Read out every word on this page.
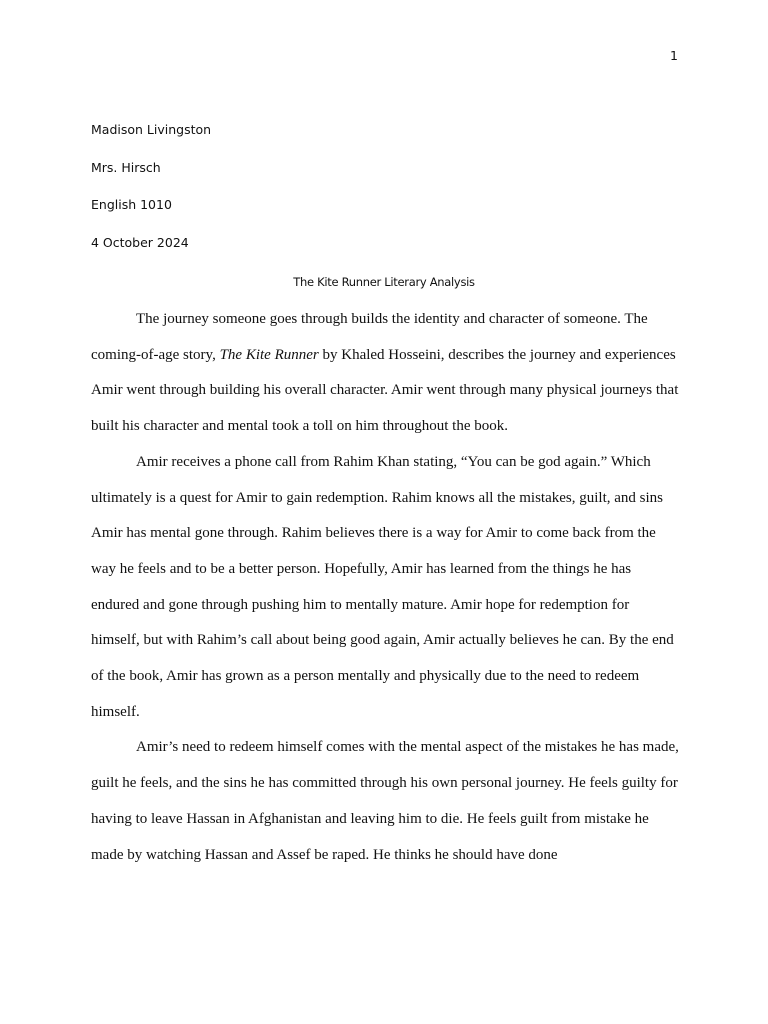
1
Madison Livingston
Mrs. Hirsch
English 1010
4 October 2024
The Kite Runner Literary Analysis

The journey someone goes through builds the identity and character of someone. The coming-of-age story, The Kite Runner by Khaled Hosseini, describes the journey and experiences Amir went through building his overall character. Amir went through many physical journeys that built his character and mental took a toll on him throughout the book.

Amir receives a phone call from Rahim Khan stating, “You can be god again.” Which ultimately is a quest for Amir to gain redemption. Rahim knows all the mistakes, guilt, and sins Amir has mental gone through. Rahim believes there is a way for Amir to come back from the way he feels and to be a better person. Hopefully, Amir has learned from the things he has endured and gone through pushing him to mentally mature. Amir hope for redemption for himself, but with Rahim’s call about being good again, Amir actually believes he can. By the end of the book, Amir has grown as a person mentally and physically due to the need to redeem himself.

Amir’s need to redeem himself comes with the mental aspect of the mistakes he has made, guilt he feels, and the sins he has committed through his own personal journey. He feels guilty for having to leave Hassan in Afghanistan and leaving him to die. He feels guilt from mistake he made by watching Hassan and Assef be raped. He thinks he should have done
